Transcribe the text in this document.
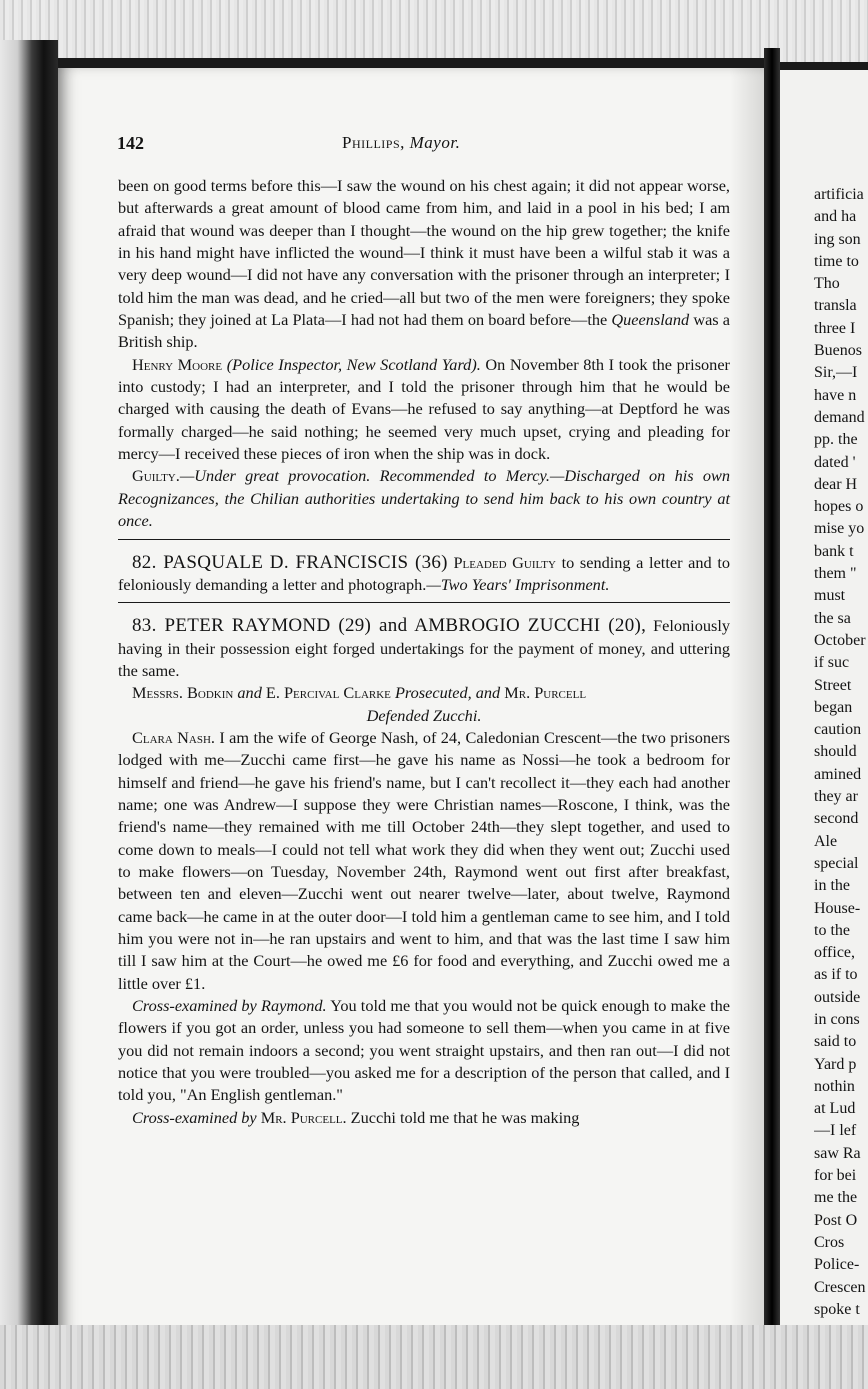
142	Phillips, Mayor.

been on good terms before this—I saw the wound on his chest again; it did not appear worse, but afterwards a great amount of blood came from him, and laid in a pool in his bed; I am afraid that wound was deeper than I thought—the wound on the hip grew together; the knife in his hand might have inflicted the wound—I think it must have been a wilful stab it was a very deep wound—I did not have any conversation with the prisoner through an interpreter; I told him the man was dead, and he cried—all but two of the men were foreigners; they spoke Spanish; they joined at La Plata—I had not had them on board before—the Queensland was a British ship.

Henry Moore (Police Inspector, New Scotland Yard). On November 8th I took the prisoner into custody; I had an interpreter, and I told the prisoner through him that he would be charged with causing the death of Evans—he refused to say anything—at Deptford he was formally charged—he said nothing; he seemed very much upset, crying and pleading for mercy—I received these pieces of iron when the ship was in dock.

Guilty.—Under great provocation. Recommended to Mercy.—Discharged on his own Recognizances, the Chilian authorities undertaking to send him back to his own country at once.

82. PASQUALE D. FRANCISCIS (36) Pleaded Guilty to sending a letter and to feloniously demanding a letter and photograph.—Two Years' Imprisonment.

83. PETER RAYMOND (29) and AMBROGIO ZUCCHI (20), Feloniously having in their possession eight forged undertakings for the payment of money, and uttering the same.

Messrs. Bodkin and E. Percival Clarke Prosecuted, and Mr. Purcell

Defended Zucchi.

Clara Nash. I am the wife of George Nash, of 24, Caledonian Crescent—the two prisoners lodged with me—Zucchi came first—he gave his name as Nossi—he took a bedroom for himself and friend—he gave his friend's name, but I can't recollect it—they each had another name; one was Andrew—I suppose they were Christian names—Roscone, I think, was the friend's name—they remained with me till October 24th—they slept together, and used to come down to meals—I could not tell what work they did when they went out; Zucchi used to make flowers—on Tuesday, November 24th, Raymond went out first after breakfast, between ten and eleven—Zucchi went out nearer twelve—later, about twelve, Raymond came back—he came in at the outer door—I told him a gentleman came to see him, and I told him you were not in—he ran upstairs and went to him, and that was the last time I saw him till I saw him at the Court—he owed me £6 for food and everything, and Zucchi owed me a little over £1.

Cross-examined by Raymond. You told me that you would not be quick enough to make the flowers if you got an order, unless you had someone to sell them—when you came in at five you did not remain indoors a second; you went straight upstairs, and then ran out—I did not notice that you were troubled—you asked me for a description of the person that called, and I told you, "An English gentleman."

Cross-examined by Mr. Purcell. Zucchi told me that he was making

artificia
and ha
ing son
time to
Tho
transla
three I
Buenos
Sir,—I
have n
demand
pp. the
dated '
dear H
hopes o
mise yo
bank t
them "
must
the sa
October
if suc
Street
began
caution
should
amined
they ar
second
Ale
special
in the
House-
to the
office,
as if to
outside
in cons
said to
Yard p
nothin
at Lud
—I lef
saw Ra
for bei
me the
Post O
Cros
Police-
Crescen
spoke t
